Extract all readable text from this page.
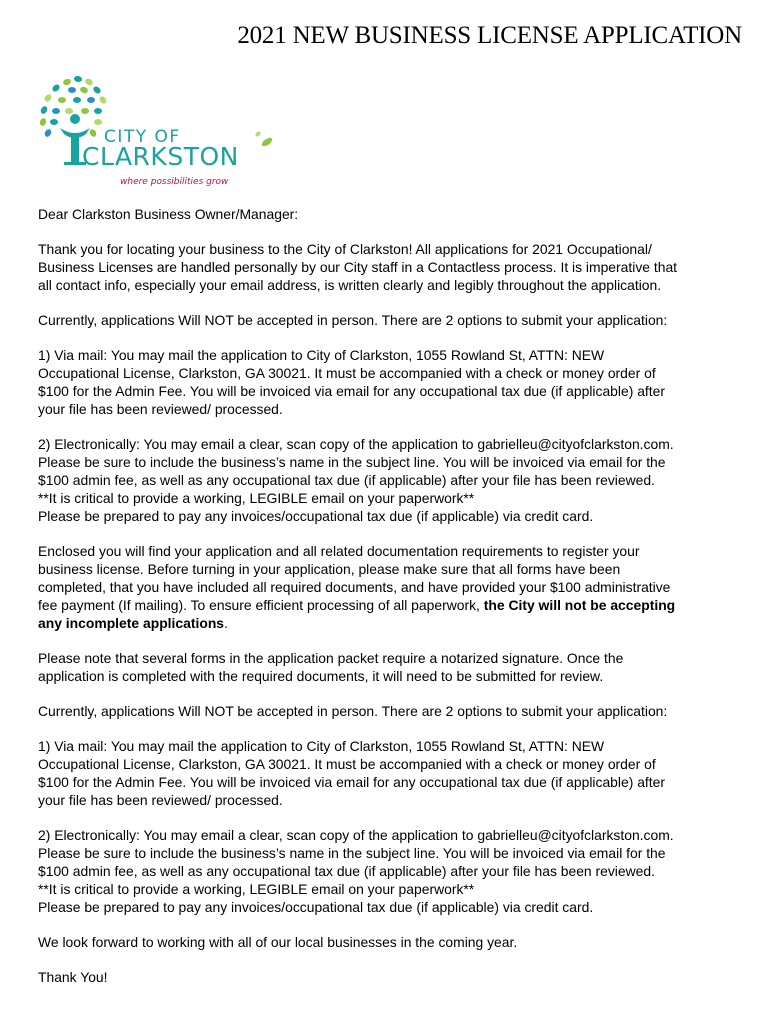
2021 NEW BUSINESS LICENSE APPLICATION
CITY OF
CLARKSTON
where possibilities grow

Dear Clarkston Business Owner/Manager:

Thank you for locating your business to the City of Clarkston! All applications for 2021 Occupational/
Business Licenses are handled personally by our City staff in a Contactless process. It is imperative that
all contact info, especially your email address, is written clearly and legibly throughout the application.

Currently, applications Will NOT be accepted in person. There are 2 options to submit your application:

1) Via mail: You may mail the application to City of Clarkston, 1055 Rowland St, ATTN: NEW
Occupational License, Clarkston, GA 30021. It must be accompanied with a check or money order of
$100 for the Admin Fee. You will be invoiced via email for any occupational tax due (if applicable) after
your file has been reviewed/ processed.

2) Electronically: You may email a clear, scan copy of the application to gabrielleu@cityofclarkston.com.
Please be sure to include the business’s name in the subject line. You will be invoiced via email for the
$100 admin fee, as well as any occupational tax due (if applicable) after your file has been reviewed.
**It is critical to provide a working, LEGIBLE email on your paperwork**
Please be prepared to pay any invoices/occupational tax due (if applicable) via credit card.

Enclosed you will find your application and all related documentation requirements to register your
business license. Before turning in your application, please make sure that all forms have been
completed, that you have included all required documents, and have provided your $100 administrative
fee payment (If mailing). To ensure efficient processing of all paperwork, the City will not be accepting
any incomplete applications.

Please note that several forms in the application packet require a notarized signature. Once the
application is completed with the required documents, it will need to be submitted for review.

Currently, applications Will NOT be accepted in person. There are 2 options to submit your application:

1) Via mail: You may mail the application to City of Clarkston, 1055 Rowland St, ATTN: NEW
Occupational License, Clarkston, GA 30021. It must be accompanied with a check or money order of
$100 for the Admin Fee. You will be invoiced via email for any occupational tax due (if applicable) after
your file has been reviewed/ processed.

2) Electronically: You may email a clear, scan copy of the application to gabrielleu@cityofclarkston.com.
Please be sure to include the business’s name in the subject line. You will be invoiced via email for the
$100 admin fee, as well as any occupational tax due (if applicable) after your file has been reviewed.
**It is critical to provide a working, LEGIBLE email on your paperwork**
Please be prepared to pay any invoices/occupational tax due (if applicable) via credit card.

We look forward to working with all of our local businesses in the coming year.

Thank You!
